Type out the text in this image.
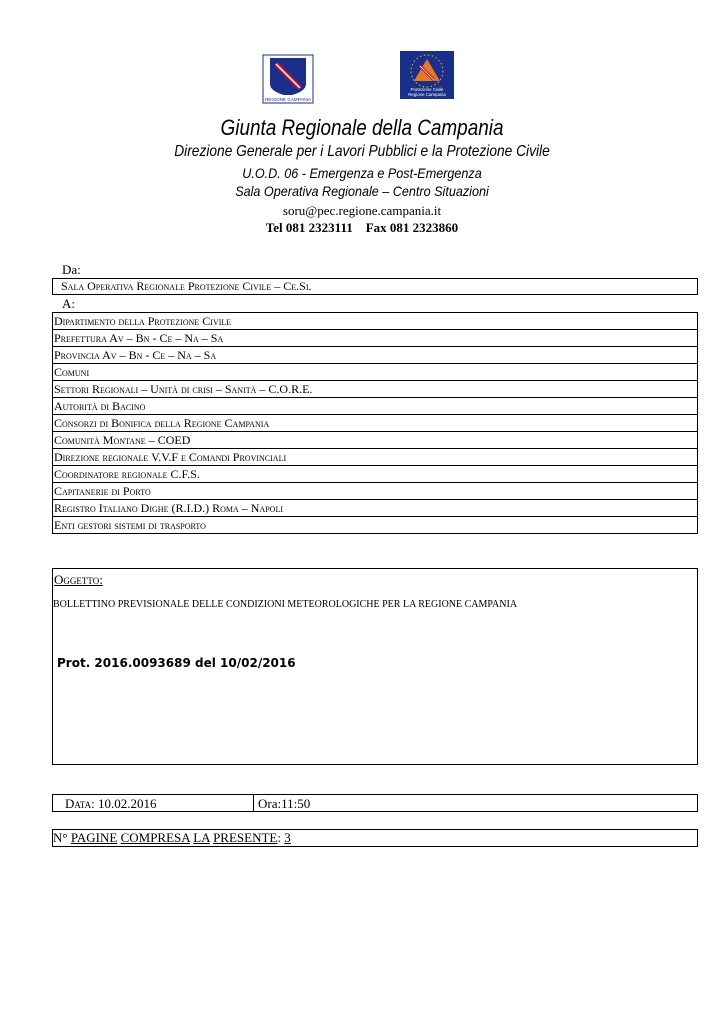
REGIONE CAMPANIA
Protezione Civile
Regione Campania
Giunta Regionale della Campania
Direzione Generale per i Lavori Pubblici e la Protezione Civile
U.O.D. 06 - Emergenza e Post-Emergenza
Sala Operativa Regionale – Centro Situazioni
soru@pec.regione.campania.it
Tel 081 2323111 Fax 081 2323860
Da:
Sala Operativa Regionale Protezione Civile – Ce.Si.
A:
Dipartimento della Protezione Civile
Prefettura Av – Bn - Ce – Na – Sa
Provincia Av – Bn - Ce – Na – Sa
Comuni
Settori Regionali – Unità di crisi – Sanità – C.O.R.E.
Autorità di Bacino
Consorzi di Bonifica della Regione Campania
Comunità Montane – COED
Direzione regionale V.V.F e Comandi Provinciali
Coordinatore regionale C.F.S.
Capitanerie di Porto
Registro Italiano Dighe (R.I.D.) Roma – Napoli
Enti gestori sistemi di trasporto
Oggetto:
BOLLETTINO PREVISIONALE DELLE CONDIZIONI METEOROLOGICHE PER LA REGIONE CAMPANIA
Prot. 2016.0093689 del 10/02/2016
Data: 10.02.2016	Ora:11:50
N° PAGINE COMPRESA LA PRESENTE: 3
